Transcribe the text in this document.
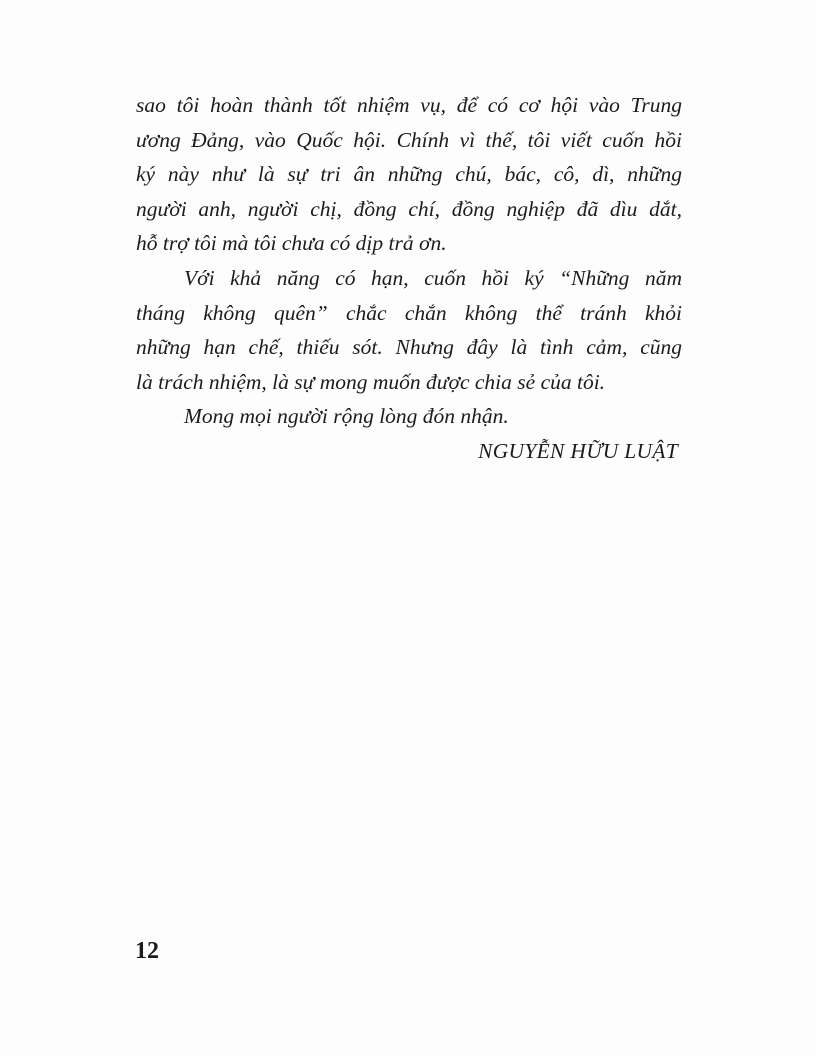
sao tôi hoàn thành tốt nhiệm vụ, để có cơ hội vào Trung
ương Đảng, vào Quốc hội. Chính vì thế, tôi viết cuốn hồi
ký này như là sự tri ân những chú, bác, cô, dì, những
người anh, người chị, đồng chí, đồng nghiệp đã dìu dắt,
hỗ trợ tôi mà tôi chưa có dịp trả ơn.
Với khả năng có hạn, cuốn hồi ký “Những năm
tháng không quên” chắc chắn không thể tránh khỏi
những hạn chế, thiếu sót. Nhưng đây là tình cảm, cũng
là trách nhiệm, là sự mong muốn được chia sẻ của tôi.
Mong mọi người rộng lòng đón nhận.
NGUYỄN HỮU LUẬT
12
